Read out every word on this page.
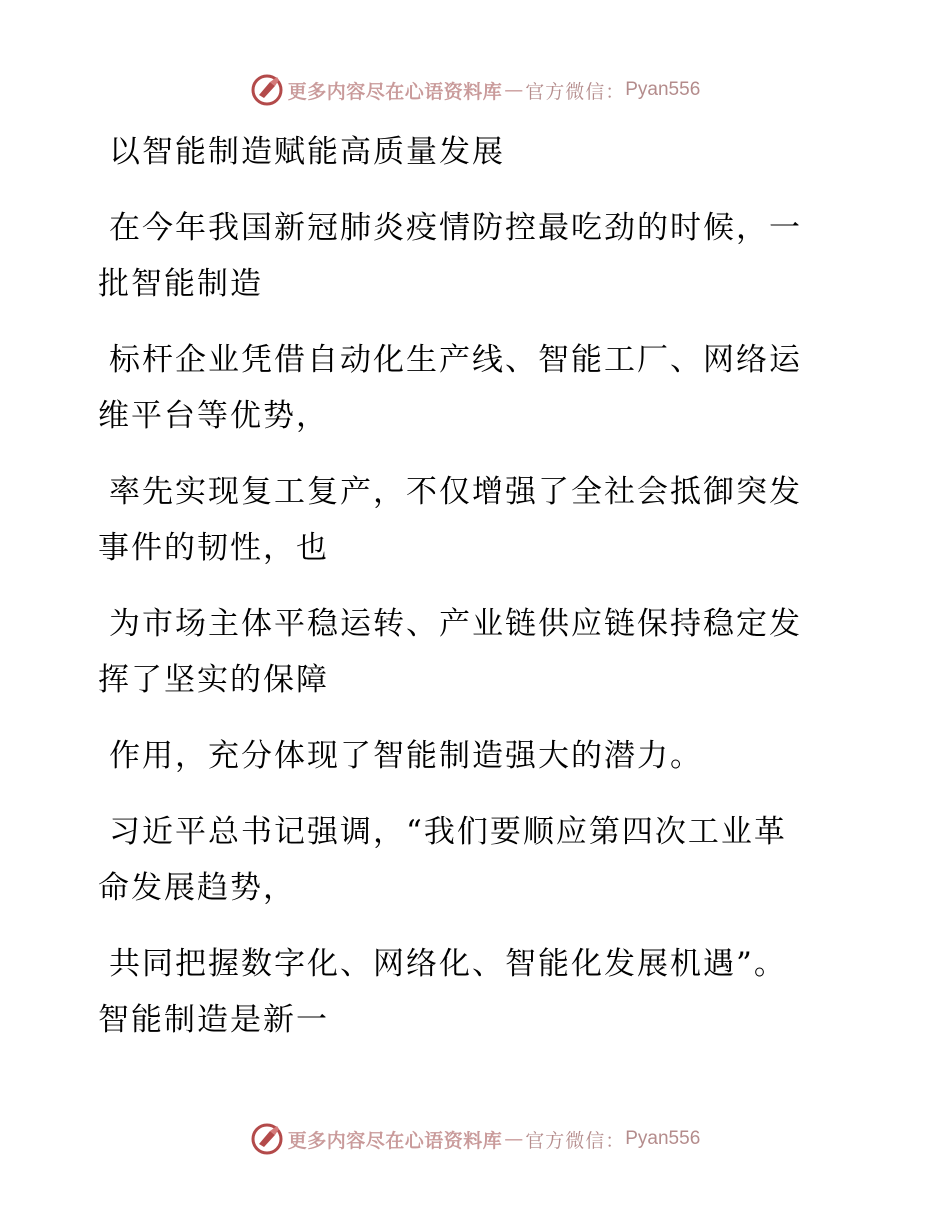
更多内容尽在心语资料库 — 官方微信： Pyan556
以智能制造赋能高质量发展
在今年我国新冠肺炎疫情防控最吃劲的时候，一
批智能制造
标杆企业凭借自动化生产线、智能工厂、网络运
维平台等优势，
率先实现复工复产，不仅增强了全社会抵御突发
事件的韧性，也
为市场主体平稳运转、产业链供应链保持稳定发
挥了坚实的保障
作用，充分体现了智能制造强大的潜力。
习近平总书记强调，“我们要顺应第四次工业革
命发展趋势，
共同把握数字化、网络化、智能化发展机遇”。
智能制造是新一
更多内容尽在心语资料库 — 官方微信： Pyan556
